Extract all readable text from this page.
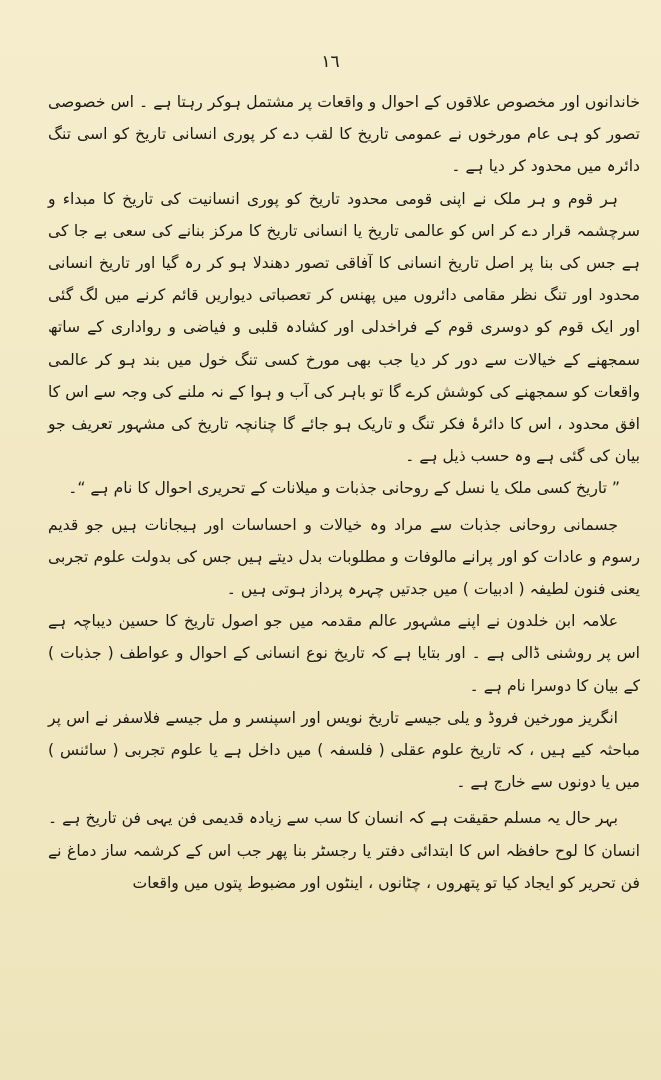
١٦

خاندانوں اور مخصوص علاقوں کے احوال و واقعات پر مشتمل ہوکر رہتا ہے ۔ اس خصوصی تصور کو ہی عام مورخوں نے عمومی تاریخ کا لقب دے کر پوری انسانی تاریخ کو اسی تنگ دائرہ میں محدود کر دیا ہے ۔

ہر قوم و ہر ملک نے اپنی قومی محدود تاریخ کو پوری انسانیت کی تاریخ کا مبداء و سرچشمہ قرار دے کر اس کو عالمی تاریخ یا انسانی تاریخ کا مرکز بنانے کی سعی بے جا کی ہے جس کی بنا پر اصل تاریخ انسانی کا آفاقی تصور دھندلا ہو کر رہ گیا اور تاریخ انسانی محدود اور تنگ نظر مقامی دائروں میں پھنس کر تعصباتی دیواریں قائم کرنے میں لگ گئی اور ایک قوم کو دوسری قوم کے فراخدلی اور کشادہ قلبی و فیاضی و رواداری کے ساتھ سمجھنے کے خیالات سے دور کر دیا جب بھی مورخ کسی تنگ خول میں بند ہو کر عالمی واقعات کو سمجھنے کی کوشش کرے گا تو باہر کی آب و ہوا کے نہ ملنے کی وجہ سے اس کا افق محدود ، اس کا دائرۂ فکر تنگ و تاریک ہو جائے گا چنانچہ تاریخ کی مشہور تعریف جو بیان کی گئی ہے وہ حسب ذیل ہے ۔

” تاریخ کسی ملک یا نسل کے روحانی جذبات و میلانات کے تحریری احوال کا نام ہے “۔

جسمانی روحانی جذبات سے مراد وہ خیالات و احساسات اور ہیجانات ہیں جو قدیم رسوم و عادات کو اور پرانے مالوفات و مطلوبات بدل دیتے ہیں جس کی بدولت علوم تجربی یعنی فنون لطیفہ ( ادبیات ) میں جدتیں چہرہ پرداز ہوتی ہیں ۔

علامہ ابن خلدون نے اپنے مشہور عالم مقدمہ میں جو اصول تاریخ کا حسین دیباچہ ہے اس پر روشنی ڈالی ہے ۔ اور بتایا ہے کہ تاریخ نوع انسانی کے احوال و عواطف ( جذبات ) کے بیان کا دوسرا نام ہے ۔

انگریز مورخین فروڈ و یلی جیسے تاریخ نویس اور اسپنسر و مل جیسے فلاسفر نے اس پر مباحثہ کیے ہیں ، کہ تاریخ علوم عقلی ( فلسفہ ) میں داخل ہے یا علوم تجربی ( سائنس ) میں یا دونوں سے خارج ہے ۔

بہر حال یہ مسلم حقیقت ہے کہ انسان کا سب سے زیادہ قدیمی فن یہی فن تاریخ ہے ۔ انسان کا لوح حافظہ اس کا ابتدائی دفتر یا رجسٹر بنا پھر جب اس کے کرشمہ ساز دماغ نے فن تحریر کو ایجاد کیا تو پتھروں ، چٹانوں ، اینٹوں اور مضبوط پتوں میں واقعات
